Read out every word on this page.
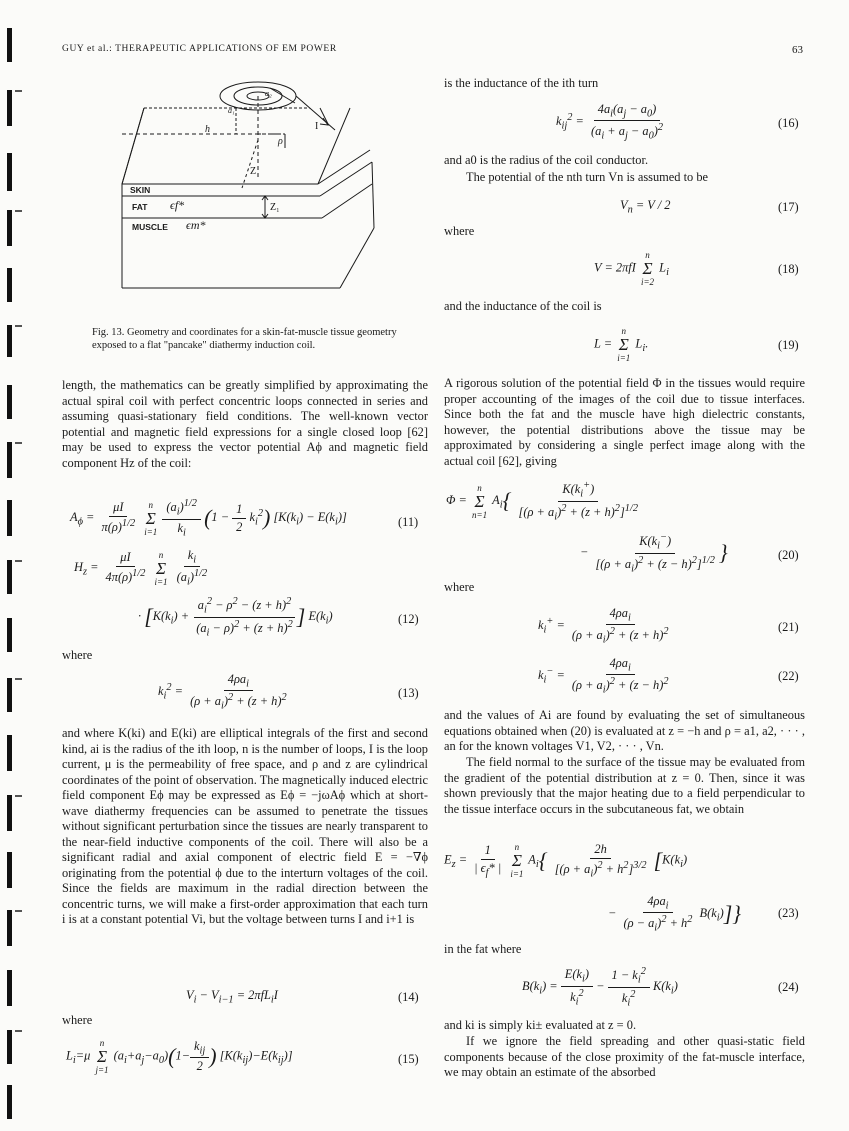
GUY et al.: THERAPEUTIC APPLICATIONS OF EM POWER	63
SKIN
FAT ϵf*
MUSCLE ϵm*
Z₁
Z
h
ρ
I
a₁
a₂
Fig. 13. Geometry and coordinates for a skin-fat-muscle tissue geometry exposed to a flat "pancake" diathermy induction coil.
length, the mathematics can be greatly simplified by approximating the actual spiral coil with perfect concentric loops connected in series and assuming quasi-stationary field conditions. The well-known vector potential and magnetic field expressions for a single closed loop [62] may be used to express the vector potential Aϕ and magnetic field component Hz of the coil:
$A_\phi = \frac{\mu I}{\pi(\rho)^{1/2}}$
n
Σ
i=1
$\frac{(a_i)^{1/2}}{k_i} (1 - \frac{1}{2} k_i^2) [K(k_i) - E(k_i)]$	(11)
$H_z = \frac{\mu I}{4\pi(\rho)^{1/2}}$
n
Σ
i=1
$\frac{k_i}{(a_i)^{1/2}}$
· [$K(k_i) + \frac{a_i^2 - \rho^2 - (z + h)^2}{(a_i - \rho)^2 + (z + h)^2}$ ] $E(k_i)$	(12)
where
$k_i^2 = \frac{4\rho a_i}{(\rho + a_i)^2 + (z + h)^2}$	(13)
and where K(ki) and E(ki) are elliptical integrals of the first and second kind, ai is the radius of the ith loop, n is the number of loops, I is the loop current, μ is the permeability of free space, and ρ and z are cylindrical coordinates of the point of observation. The magnetically induced electric field component Eϕ may be expressed as Eϕ = −jωAϕ which at short-wave diathermy frequencies can be assumed to penetrate the tissues without significant perturbation since the tissues are nearly transparent to the near-field inductive components of the coil. There will also be a significant radial and axial component of electric field E = −∇ϕ originating from the potential ϕ due to the interturn voltages of the coil. Since the fields are maximum in the radial direction between the concentric turns, we will make a first-order approximation that each turn i is at a constant potential Vi, but the voltage between turns I and i+1 is
$V_i - V_{i-1} = 2\pi fL_iI$	(14)
where
$L_i=\mu$
n
Σ
j=1
$(a_i+a_j-a_0)(1- \frac{k_{ij}}{2}$ ) $[K(k_{ij})-E(k_{ij})]$	(15)
is the inductance of the ith turn
$k_{ij}^2 = \frac{4a_i(a_j - a_0)}{(a_i + a_j - a_0)^2}$	(16)
and a0 is the radius of the coil conductor.
The potential of the nth turn Vn is assumed to be
$V_n = V / 2$	(17)
where
V = 2πfI
n
Σ
i=2
$L_i$	(18)
and the inductance of the coil is
L =
n
Σ
i=1
$L_i$.	(19)
A rigorous solution of the potential field Φ in the tissues would require proper accounting of the images of the coil due to tissue interfaces. Since both the fat and the muscle have high dielectric constants, however, the potential distributions above the tissue may be approximated by considering a single perfect image along with the actual coil [62], giving
Φ =
n
Σ
n=1
$A_i\{ \frac{K(k_i^+)}{[(\rho + a_i)^2 + (z + h)^2]^{1/2}}$
− $\frac{K(k_i^-)}{[(\rho + a_i)^2 + (z - h)^2]^{1/2}}$ }	(20)
where
$k_i^+ = \frac{4\rho a_i}{(\rho + a_i)^2 + (z + h)^2}$	(21)
$k_i^- = \frac{4\rho a_i}{(\rho + a_i)^2 + (z - h)^2}$	(22)
and the values of Ai are found by evaluating the set of simultaneous equations obtained when (20) is evaluated at z = −h and ρ = a1, a2, · · · , an for the known voltages V1, V2, · · · , Vn.
The field normal to the surface of the tissue may be evaluated from the gradient of the potential distribution at z = 0. Then, since it was shown previously that the major heating due to a field perpendicular to the tissue interface occurs in the subcutaneous fat, we obtain
$E_z = \frac{1}{| \epsilon_f* |}$
n
Σ
i=1
$A_i\{ \frac{2h}{[(\rho + a_i)^2 + h^2]^{3/2}} [K(k_i)$
− $\frac{4\rho a_i}{(\rho - a_i)^2 + h^2} B(k_i)$]}	(23)
in the fat where
$B(k_i) = \frac{E(k_i)}{k_i^2} - \frac{1 - k_i^2}{k_i^2} K(k_i)$	(24)
and ki is simply ki± evaluated at z = 0.
If we ignore the field spreading and other quasi-static field components because of the close proximity of the fat-muscle interface, we may obtain an estimate of the absorbed
